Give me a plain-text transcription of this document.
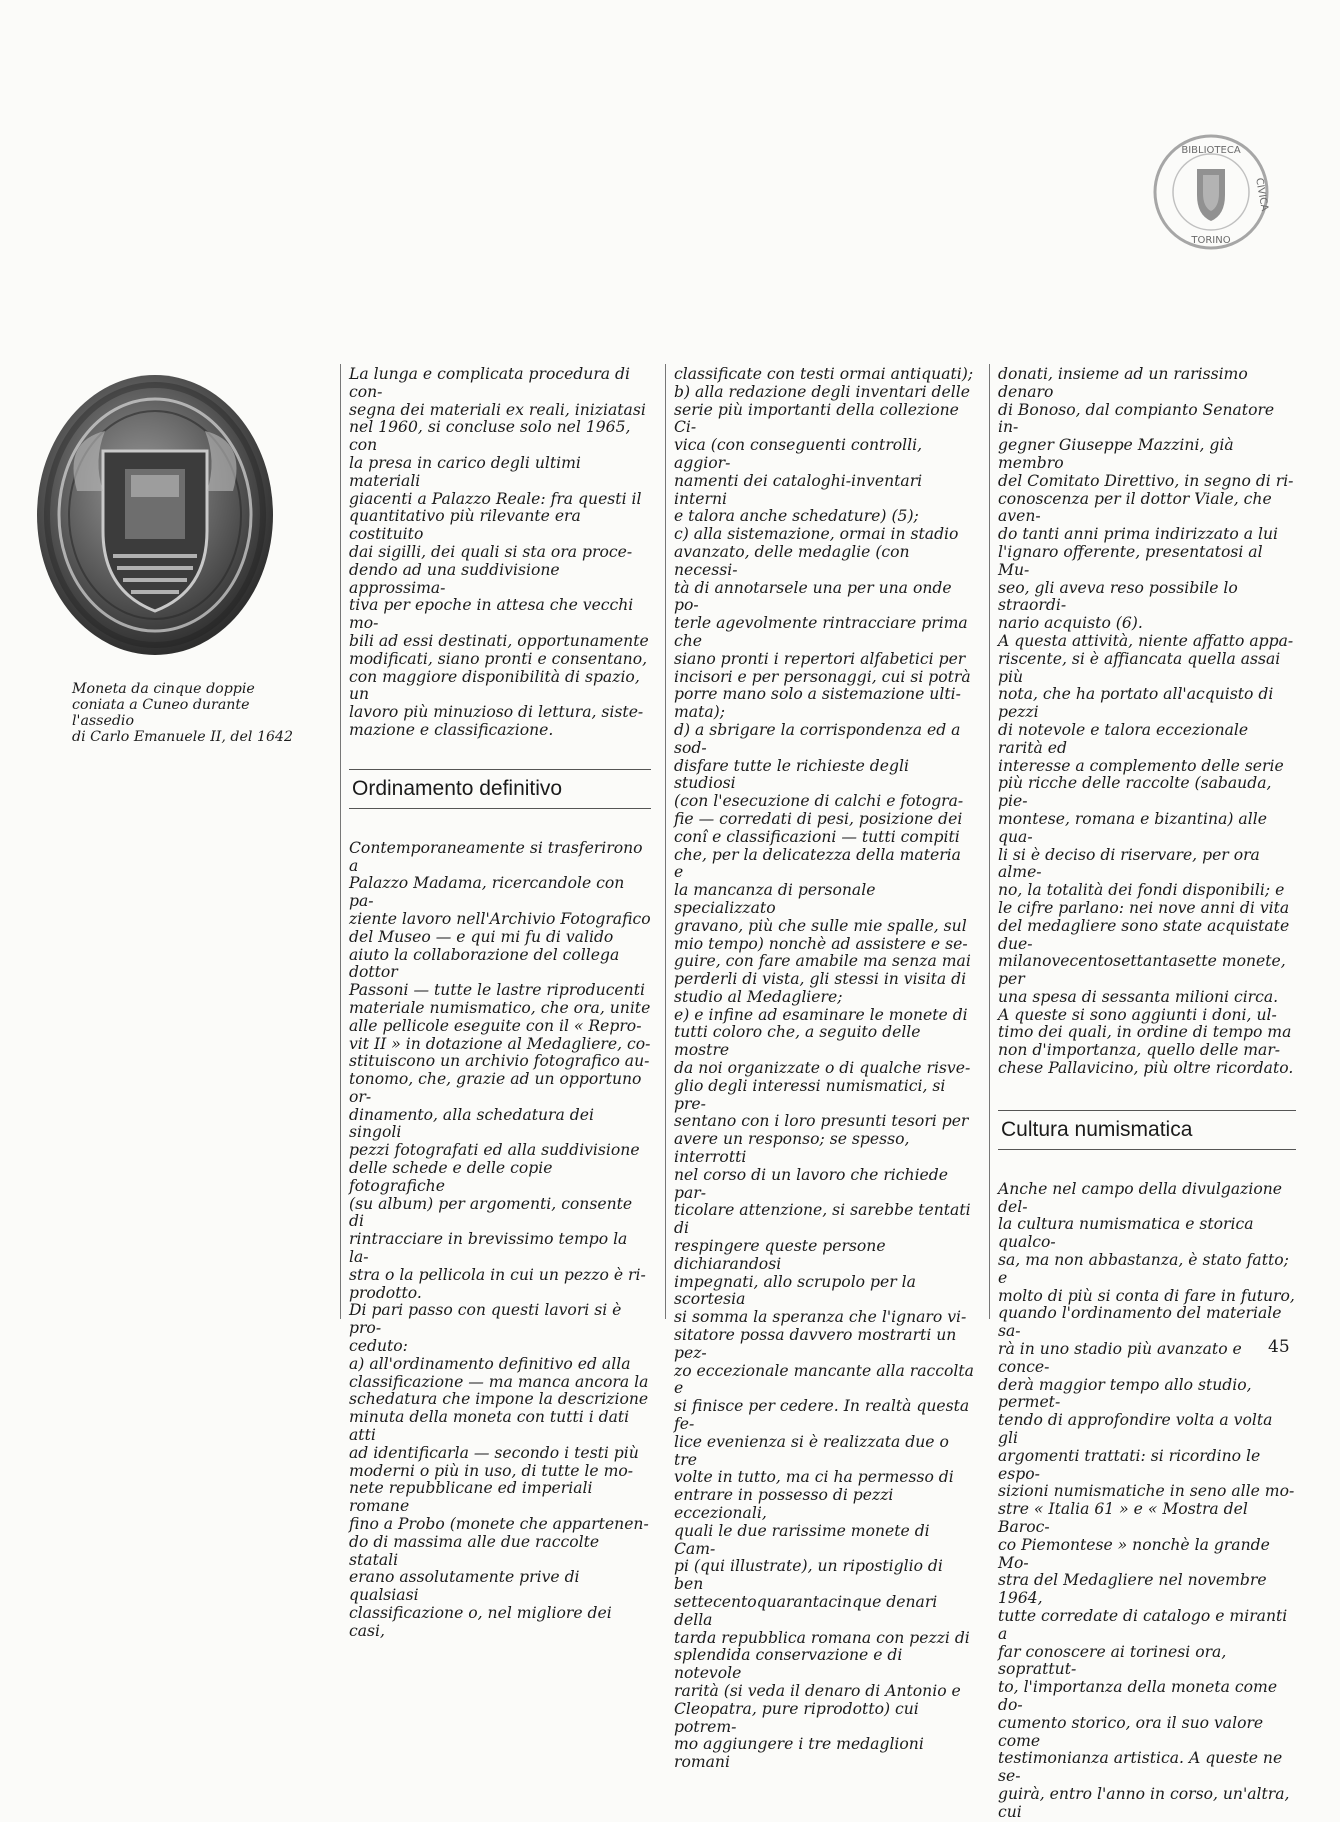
BIBLIOTECA
TORINO
CIVICA
Moneta da cinque doppie
coniata a Cuneo durante l'assedio
di Carlo Emanuele II, del 1642

La lunga e complicata procedura di con-
segna dei materiali ex reali, iniziatasi
nel 1960, si concluse solo nel 1965, con
la presa in carico degli ultimi materiali
giacenti a Palazzo Reale: fra questi il
quantitativo più rilevante era costituito
dai sigilli, dei quali si sta ora proce-
dendo ad una suddivisione approssima-
tiva per epoche in attesa che vecchi mo-
bili ad essi destinati, opportunamente
modificati, siano pronti e consentano,
con maggiore disponibilità di spazio, un
lavoro più minuzioso di lettura, siste-
mazione e classificazione.

Ordinamento definitivo

Contemporaneamente si trasferirono a
Palazzo Madama, ricercandole con pa-
ziente lavoro nell'Archivio Fotografico
del Museo — e qui mi fu di valido
aiuto la collaborazione del collega dottor
Passoni — tutte le lastre riproducenti
materiale numismatico, che ora, unite
alle pellicole eseguite con il « Repro-
vit II » in dotazione al Medagliere, co-
stituiscono un archivio fotografico au-
tonomo, che, grazie ad un opportuno or-
dinamento, alla schedatura dei singoli
pezzi fotografati ed alla suddivisione
delle schede e delle copie fotografiche
(su album) per argomenti, consente di
rintracciare in brevissimo tempo la la-
stra o la pellicola in cui un pezzo è ri-
prodotto.
Di pari passo con questi lavori si è pro-
ceduto:
a) all'ordinamento definitivo ed alla
classificazione — ma manca ancora la
schedatura che impone la descrizione
minuta della moneta con tutti i dati atti
ad identificarla — secondo i testi più
moderni o più in uso, di tutte le mo-
nete repubblicane ed imperiali romane
fino a Probo (monete che appartenen-
do di massima alle due raccolte statali
erano assolutamente prive di qualsiasi
classificazione o, nel migliore dei casi,

classificate con testi ormai antiquati);
b) alla redazione degli inventari delle
serie più importanti della collezione Ci-
vica (con conseguenti controlli, aggior-
namenti dei cataloghi-inventari interni
e talora anche schedature) (5);
c) alla sistemazione, ormai in stadio
avanzato, delle medaglie (con necessi-
tà di annotarsele una per una onde po-
terle agevolmente rintracciare prima che
siano pronti i repertori alfabetici per
incisori e per personaggi, cui si potrà
porre mano solo a sistemazione ulti-
mata);
d) a sbrigare la corrispondenza ed a sod-
disfare tutte le richieste degli studiosi
(con l'esecuzione di calchi e fotogra-
fie — corredati di pesi, posizione dei
conî e classificazioni — tutti compiti
che, per la delicatezza della materia e
la mancanza di personale specializzato
gravano, più che sulle mie spalle, sul
mio tempo) nonchè ad assistere e se-
guire, con fare amabile ma senza mai
perderli di vista, gli stessi in visita di
studio al Medagliere;
e) e infine ad esaminare le monete di
tutti coloro che, a seguito delle mostre
da noi organizzate o di qualche risve-
glio degli interessi numismatici, si pre-
sentano con i loro presunti tesori per
avere un responso; se spesso, interrotti
nel corso di un lavoro che richiede par-
ticolare attenzione, si sarebbe tentati di
respingere queste persone dichiarandosi
impegnati, allo scrupolo per la scortesia
si somma la speranza che l'ignaro vi-
sitatore possa davvero mostrarti un pez-
zo eccezionale mancante alla raccolta e
si finisce per cedere. In realtà questa fe-
lice evenienza si è realizzata due o tre
volte in tutto, ma ci ha permesso di
entrare in possesso di pezzi eccezionali,
quali le due rarissime monete di Cam-
pi (qui illustrate), un ripostiglio di ben
settecentoquarantacinque denari della
tarda repubblica romana con pezzi di
splendida conservazione e di notevole
rarità (si veda il denaro di Antonio e
Cleopatra, pure riprodotto) cui potrem-
mo aggiungere i tre medaglioni romani

donati, insieme ad un rarissimo denaro
di Bonoso, dal compianto Senatore in-
gegner Giuseppe Mazzini, già membro
del Comitato Direttivo, in segno di ri-
conoscenza per il dottor Viale, che aven-
do tanti anni prima indirizzato a lui
l'ignaro offerente, presentatosi al Mu-
seo, gli aveva reso possibile lo straordi-
nario acquisto (6).
A questa attività, niente affatto appa-
riscente, si è affiancata quella assai più
nota, che ha portato all'acquisto di pezzi
di notevole e talora eccezionale rarità ed
interesse a complemento delle serie
più ricche delle raccolte (sabauda, pie-
montese, romana e bizantina) alle qua-
li si è deciso di riservare, per ora almе-
no, la totalità dei fondi disponibili; e
le cifre parlano: nei nove anni di vita
del medagliere sono state acquistate due-
milanovecentosettantasette monete, per
una spesa di sessanta milioni circa.
A queste si sono aggiunti i doni, ul-
timo dei quali, in ordine di tempo ma
non d'importanza, quello delle mar-
chese Pallavicino, più oltre ricordato.

Cultura numismatica

Anche nel campo della divulgazione del-
la cultura numismatica e storica qualco-
sa, ma non abbastanza, è stato fatto; e
molto di più si conta di fare in futuro,
quando l'ordinamento del materiale sa-
rà in uno stadio più avanzato e conce-
derà maggior tempo allo studio, permet-
tendo di approfondire volta a volta gli
argomenti trattati: si ricordino le espo-
sizioni numismatiche in seno alle mo-
stre « Italia 61 » e « Mostra del Baroc-
co Piemontese » nonchè la grande Mo-
stra del Medagliere nel novembre 1964,
tutte corredate di catalogo e miranti a
far conoscere ai torinesi ora, soprattut-
to, l'importanza della moneta come do-
cumento storico, ora il suo valore come
testimonianza artistica. A queste ne se-
guirà, entro l'anno in corso, un'altra, cui

45
